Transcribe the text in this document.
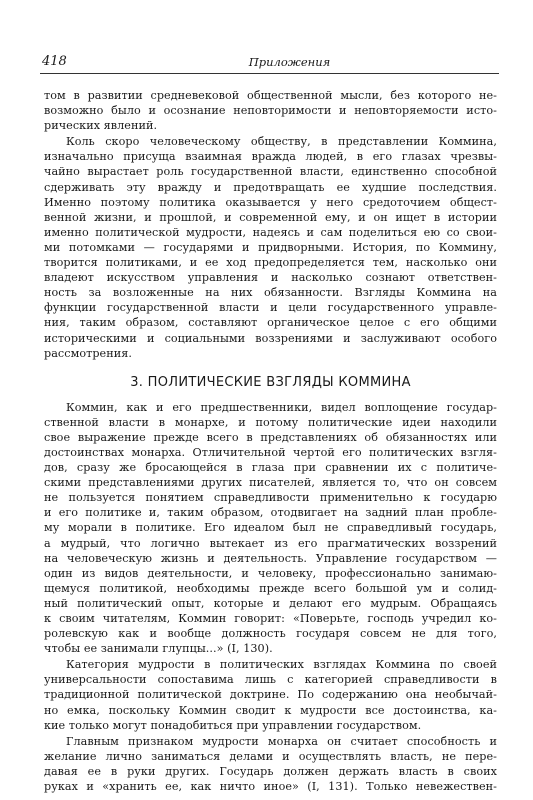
418	Приложения
том в развитии средневековой общественной мысли, без которого не-
возможно было и осознание неповторимости и неповторяемости исто-
рических явлений.
Коль скоро человеческому обществу, в представлении Коммина,
изначально присуща взаимная вражда людей, в его глазах чрезвы-
чайно вырастает роль государственной власти, единственно способной
сдерживать эту вражду и предотвращать ее худшие последствия.
Именно поэтому политика оказывается у него средоточием общест-
венной жизни, и прошлой, и современной ему, и он ищет в истории
именно политической мудрости, надеясь и сам поделиться ею со свои-
ми потомками — государями и придворными. История, по Коммину,
творится политиками, и ее ход предопределяется тем, насколько они
владеют искусством управления и насколько сознают ответствен-
ность за возложенные на них обязанности. Взгляды Коммина на
функции государственной власти и цели государственного управле-
ния, таким образом, составляют органическое целое с его общими
историческими и социальными воззрениями и заслуживают особого
рассмотрения.
3. ПОЛИТИЧЕСКИЕ ВЗГЛЯДЫ КОММИНА
Коммин, как и его предшественники, видел воплощение государ-
ственной власти в монархе, и потому политические идеи находили
свое выражение прежде всего в представлениях об обязанностях или
достоинствах монарха. Отличительной чертой его политических взгля-
дов, сразу же бросающейся в глаза при сравнении их с политиче-
скими представлениями других писателей, является то, что он совсем
не пользуется понятием справедливости применительно к государю
и его политике и, таким образом, отодвигает на задний план пробле-
му морали в политике. Его идеалом был не справедливый государь,
а мудрый, что логично вытекает из его прагматических воззрений
на человеческую жизнь и деятельность. Управление государством —
один из видов деятельности, и человеку, профессионально занимаю-
щемуся политикой, необходимы прежде всего большой ум и солид-
ный политический опыт, которые и делают его мудрым. Обращаясь
к своим читателям, Коммин говорит: «Поверьте, господь учредил ко-
ролевскую как и вообще должность государя совсем не для того,
чтобы ее занимали глупцы...» (I, 130).
Категория мудрости в политических взглядах Коммина по своей
универсальности сопоставима лишь с категорией справедливости в
традиционной политической доктрине. По содержанию она необычай-
но емка, поскольку Коммин сводит к мудрости все достоинства, ка-
кие только могут понадобиться при управлении государством.
Главным признаком мудрости монарха он считает способность и
желание лично заниматься делами и осуществлять власть, не пере-
давая ее в руки других. Государь должен держать власть в своих
руках и «хранить ее, как ничто иное» (I, 131). Только невежествен-
